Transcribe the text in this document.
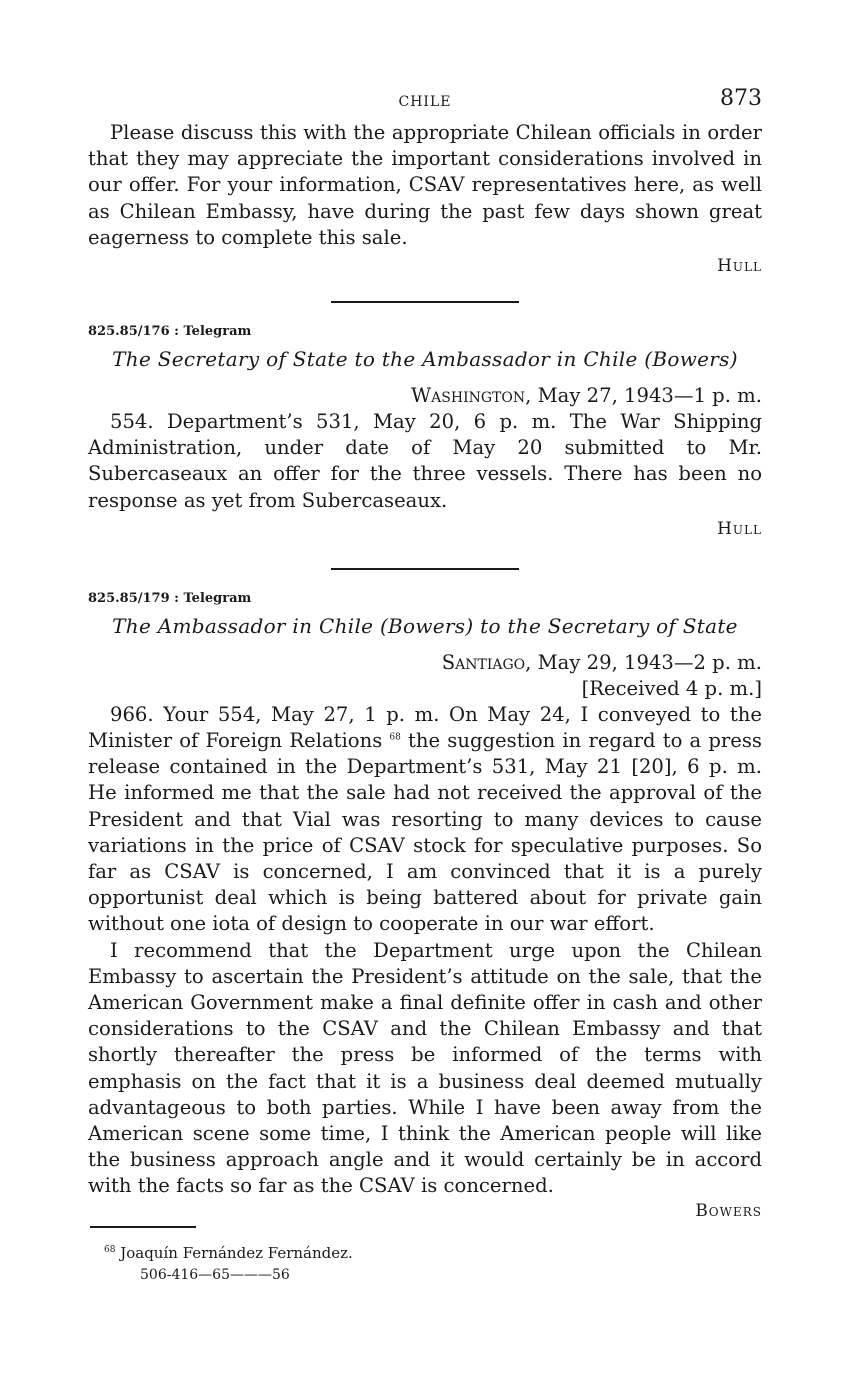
CHILE	873

Please discuss this with the appropriate Chilean officials in order that they may appreciate the important considerations involved in our offer. For your information, CSAV representatives here, as well as Chilean Embassy, have during the past few days shown great eagerness to complete this sale.

Hull
825.85/176 : Telegram
The Secretary of State to the Ambassador in Chile (Bowers)
Washington, May 27, 1943—1 p. m.

554. Department’s 531, May 20, 6 p. m. The War Shipping Administration, under date of May 20 submitted to Mr. Subercaseaux an offer for the three vessels. There has been no response as yet from Subercaseaux.

Hull
825.85/179 : Telegram
The Ambassador in Chile (Bowers) to the Secretary of State
Santiago, May 29, 1943—2 p. m.
[Received 4 p. m.]

966. Your 554, May 27, 1 p. m. On May 24, I conveyed to the Minister of Foreign Relations $^{68}$ the suggestion in regard to a press release contained in the Department’s 531, May 21 [20], 6 p. m. He informed me that the sale had not received the approval of the President and that Vial was resorting to many devices to cause variations in the price of CSAV stock for speculative purposes. So far as CSAV is concerned, I am convinced that it is a purely opportunist deal which is being battered about for private gain without one iota of design to cooperate in our war effort.

I recommend that the Department urge upon the Chilean Embassy to ascertain the President’s attitude on the sale, that the American Government make a final definite offer in cash and other considerations to the CSAV and the Chilean Embassy and that shortly thereafter the press be informed of the terms with emphasis on the fact that it is a business deal deemed mutually advantageous to both parties. While I have been away from the American scene some time, I think the American people will like the business approach angle and it would certainly be in accord with the facts so far as the CSAV is concerned.

Bowers
$^{68}$ Joaquín Fernández Fernández.
506-416—65———56
